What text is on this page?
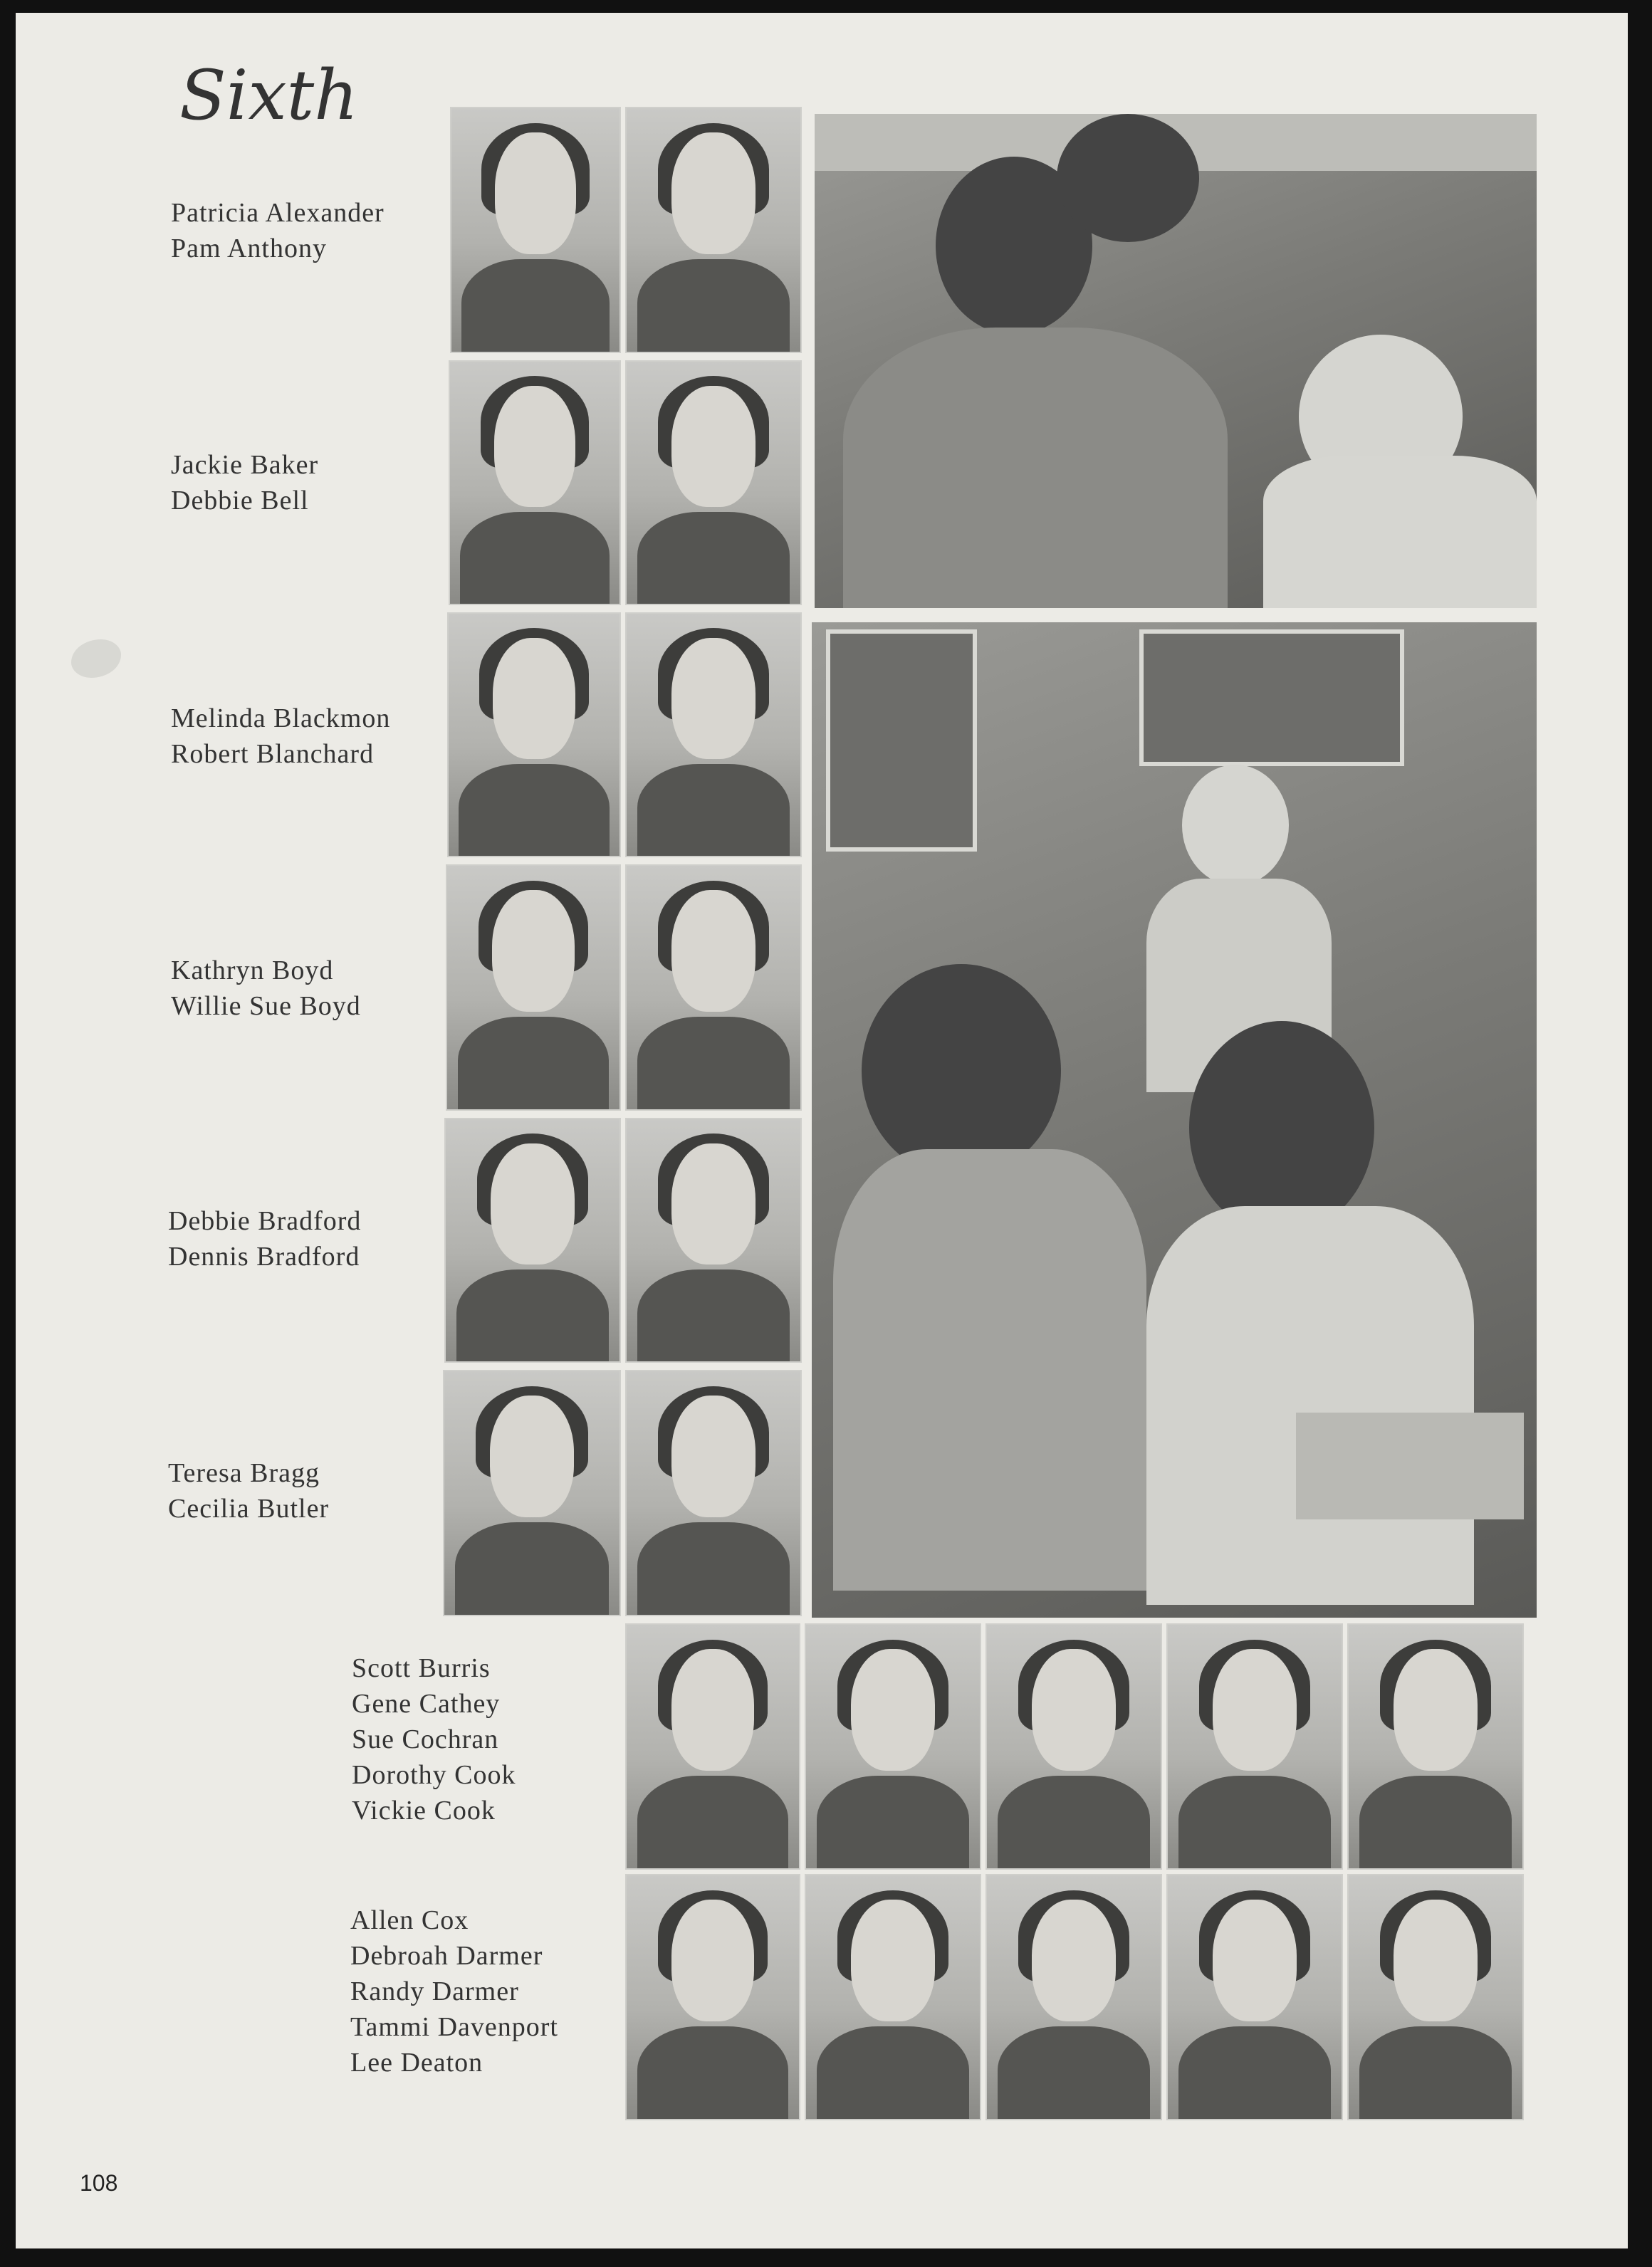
Sixth
Patricia Alexander
Pam Anthony
Jackie Baker
Debbie Bell
Melinda Blackmon
Robert Blanchard
Kathryn Boyd
Willie Sue Boyd
Debbie Bradford
Dennis Bradford
Teresa Bragg
Cecilia Butler
Scott Burris
Gene Cathey
Sue Cochran
Dorothy Cook
Vickie Cook
Allen Cox
Debroah Darmer
Randy Darmer
Tammi Davenport
Lee Deaton
108
